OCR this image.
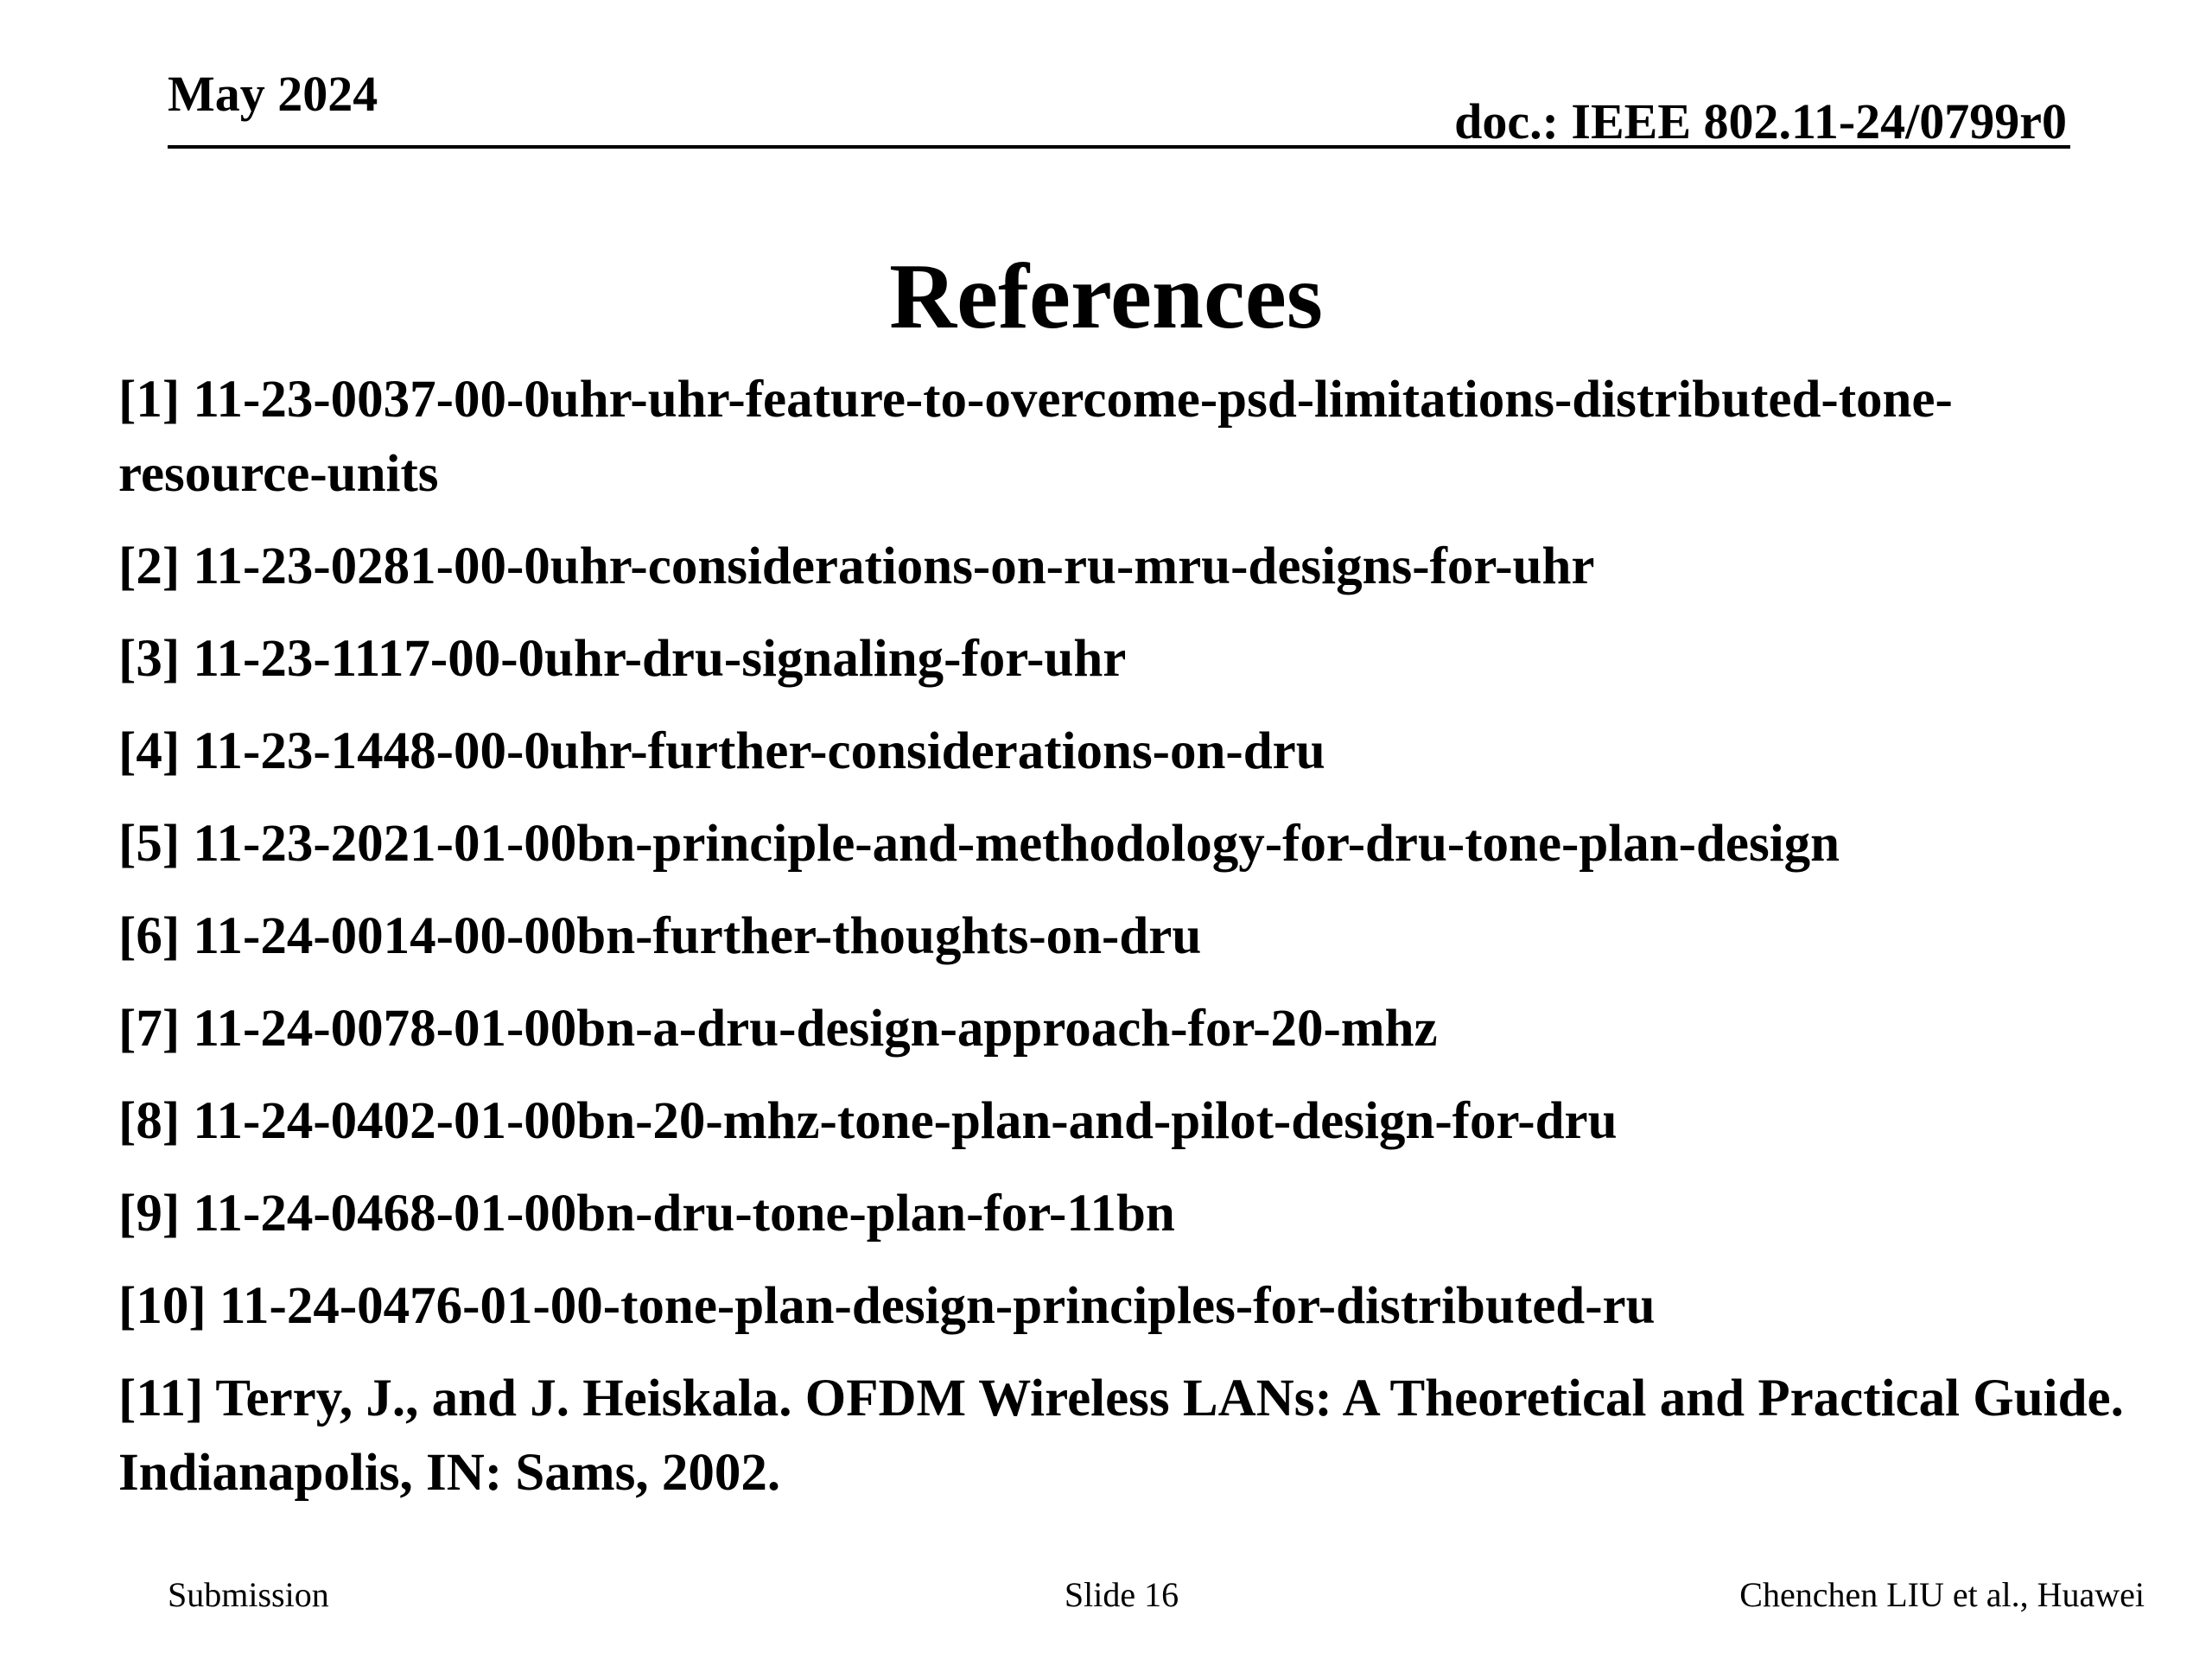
May 2024	doc.: IEEE 802.11-24/0799r0
References
[1] 11-23-0037-00-0uhr-uhr-feature-to-overcome-psd-limitations-distributed-tone-resource-units
[2] 11-23-0281-00-0uhr-considerations-on-ru-mru-designs-for-uhr
[3] 11-23-1117-00-0uhr-dru-signaling-for-uhr
[4] 11-23-1448-00-0uhr-further-considerations-on-dru
[5] 11-23-2021-01-00bn-principle-and-methodology-for-dru-tone-plan-design
[6] 11-24-0014-00-00bn-further-thoughts-on-dru
[7] 11-24-0078-01-00bn-a-dru-design-approach-for-20-mhz
[8] 11-24-0402-01-00bn-20-mhz-tone-plan-and-pilot-design-for-dru
[9] 11-24-0468-01-00bn-dru-tone-plan-for-11bn
[10] 11-24-0476-01-00-tone-plan-design-principles-for-distributed-ru
[11] Terry, J., and J. Heiskala. OFDM Wireless LANs: A Theoretical and Practical Guide. Indianapolis, IN: Sams, 2002.
Submission	Slide 16	Chenchen LIU et al., Huawei
